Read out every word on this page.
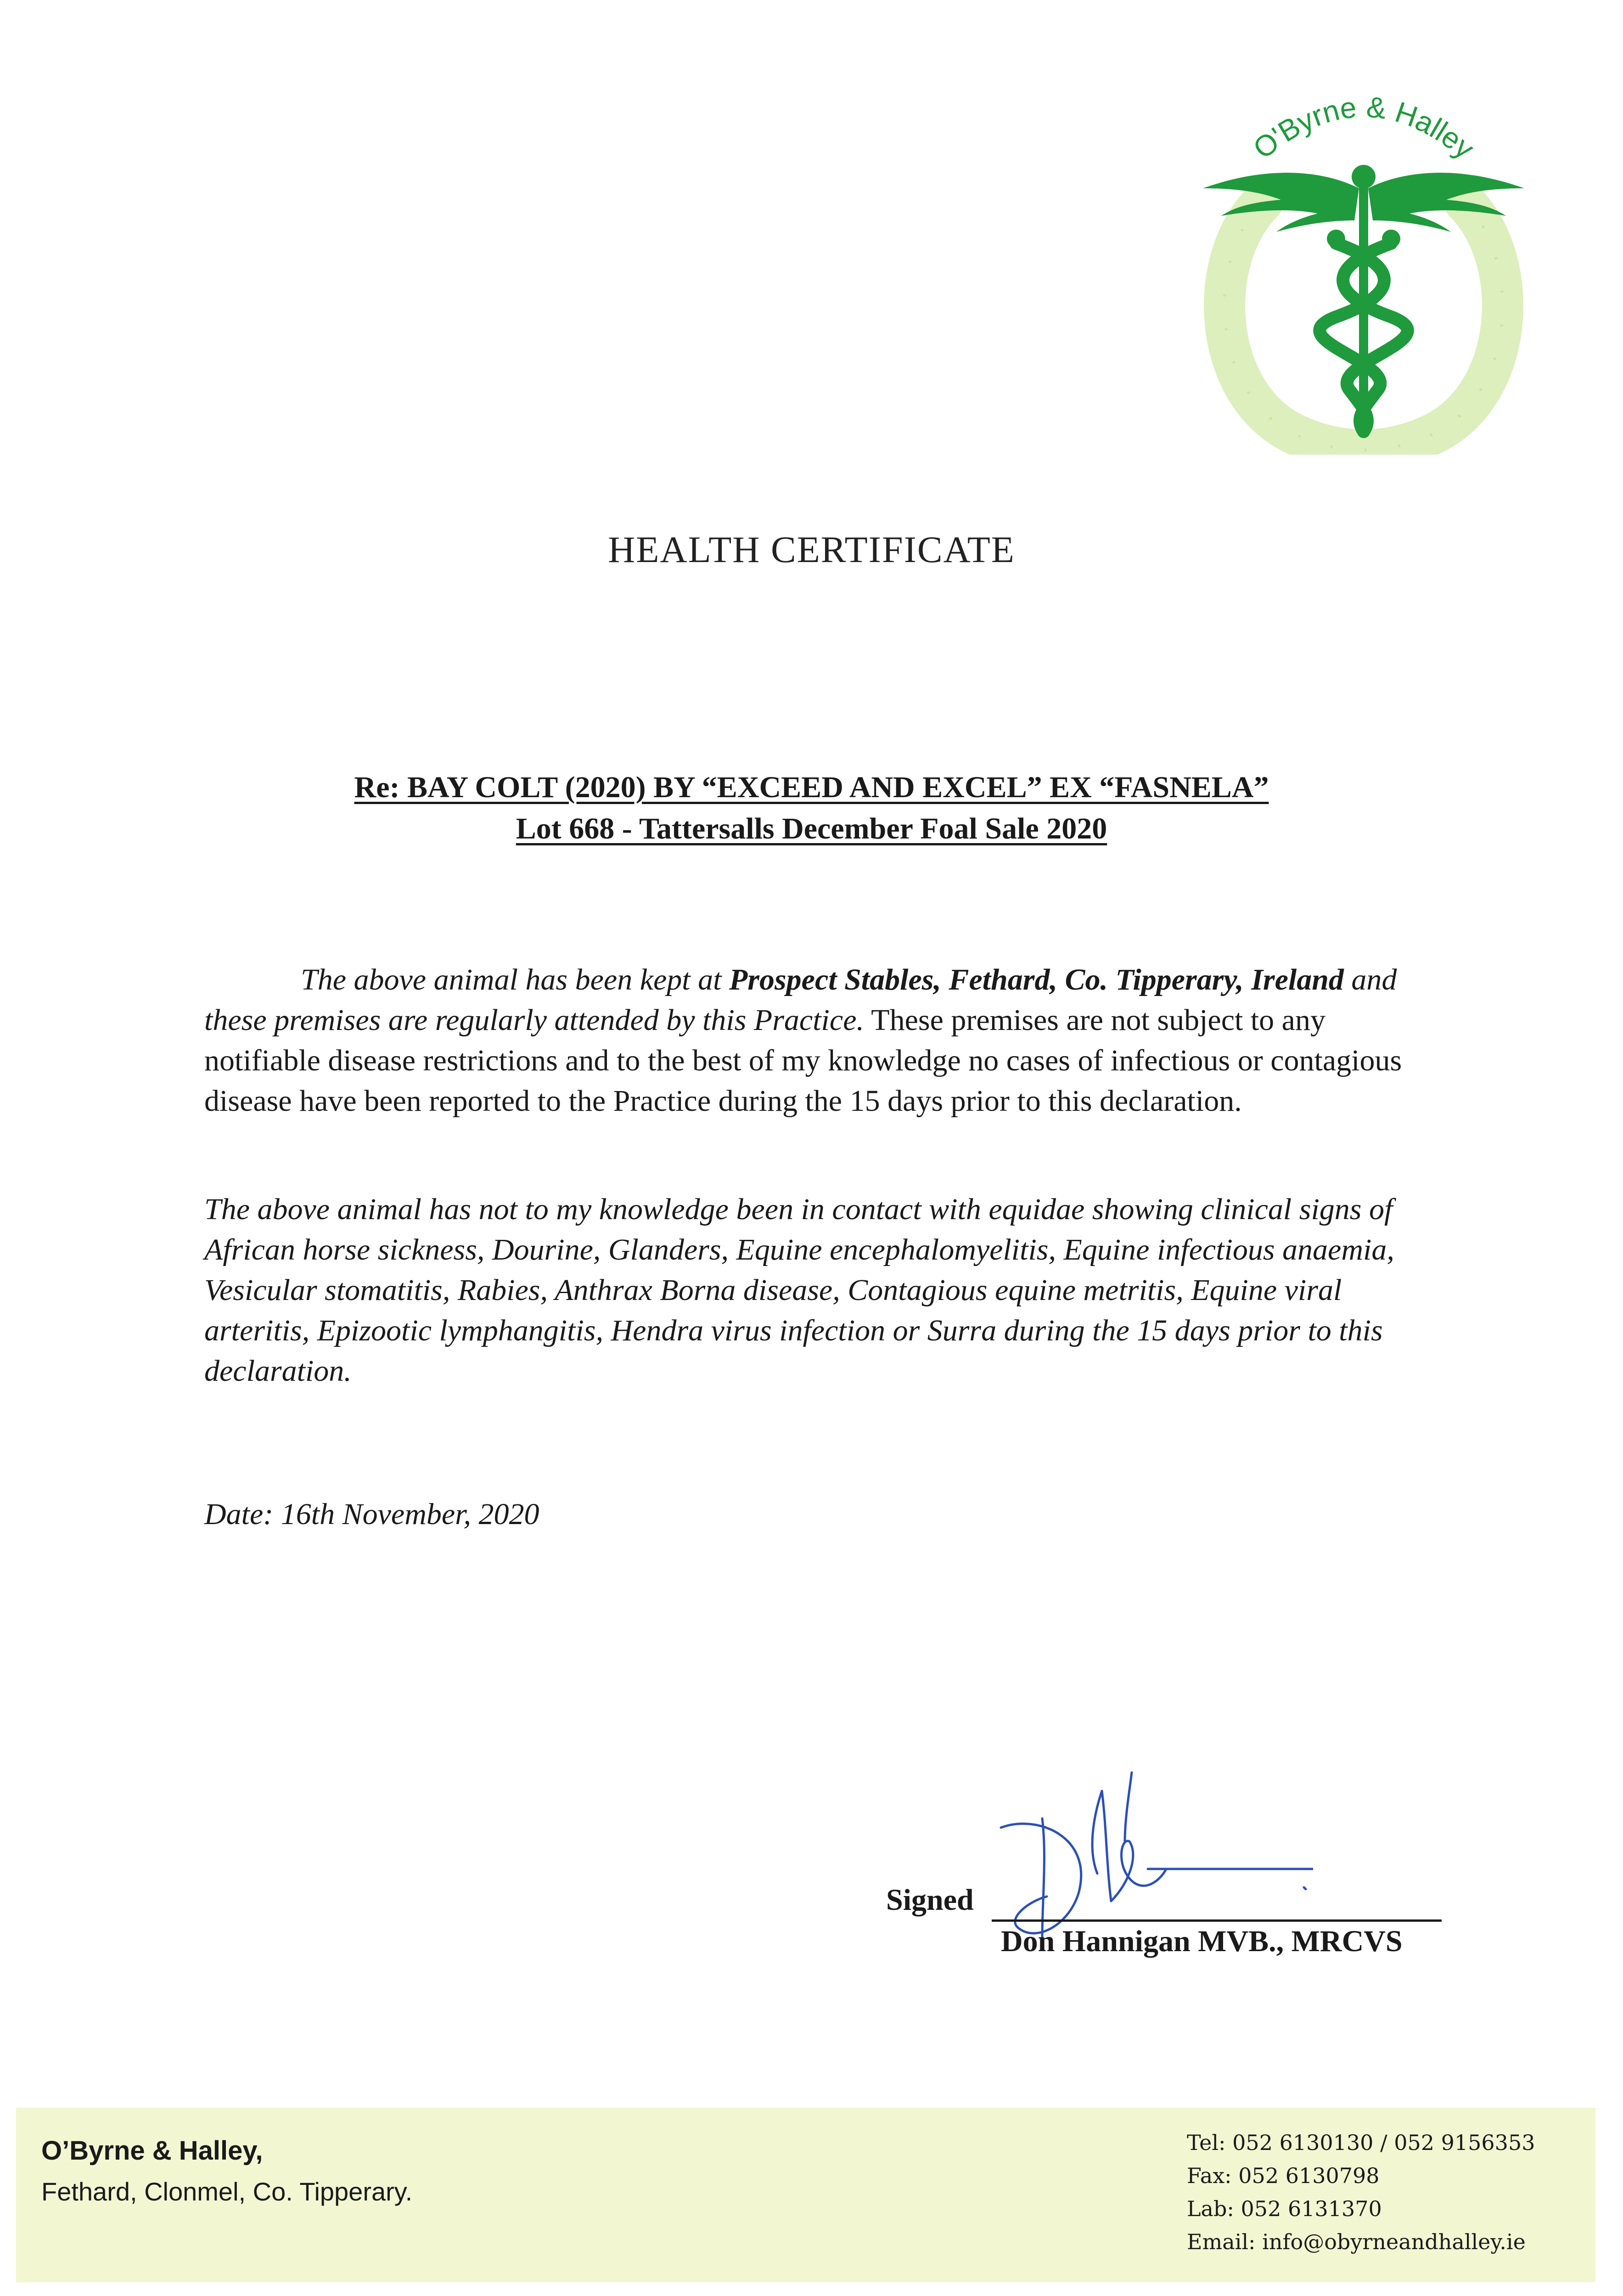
O'Byrne & Halley
HEALTH CERTIFICATE
Re: BAY COLT (2020) BY “EXCEED AND EXCEL” EX “FASNELA”
Lot 668 - Tattersalls December Foal Sale 2020

The above animal has been kept at Prospect Stables, Fethard, Co. Tipperary, Ireland and these premises are regularly attended by this Practice. These premises are not subject to any notifiable disease restrictions and to the best of my knowledge no cases of infectious or contagious disease have been reported to the Practice during the 15 days prior to this declaration.

The above animal has not to my knowledge been in contact with equidae showing clinical signs of African horse sickness, Dourine, Glanders, Equine encephalomyelitis, Equine infectious anaemia, Vesicular stomatitis, Rabies, Anthrax Borna disease, Contagious equine metritis, Equine viral arteritis, Epizootic lymphangitis, Hendra virus infection or Surra during the 15 days prior to this declaration.

Date: 16th November, 2020
Signed
Don Hannigan MVB., MRCVS
O’Byrne & Halley,
Fethard, Clonmel, Co. Tipperary.
Tel: 052 6130130 / 052 9156353
Fax: 052 6130798
Lab: 052 6131370
Email: info@obyrneandhalley.ie
